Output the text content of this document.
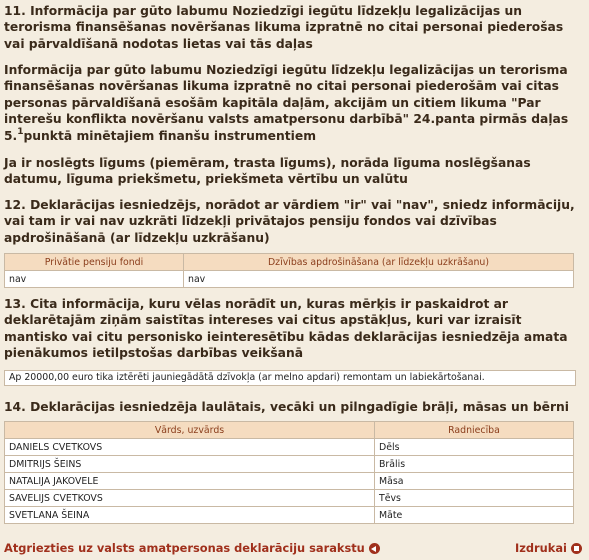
11. Informācija par gūto labumu Noziedzīgi iegūtu līdzekļu legalizācijas un terorisma finansēšanas novēršanas likuma izpratnē no citai personai piederošas vai pārvaldīšanā nodotas lietas vai tās daļas
Informācija par gūto labumu Noziedzīgi iegūtu līdzekļu legalizācijas un terorisma finansēšanas novēršanas likuma izpratnē no citai personai piederošām vai citas personas pārvaldīšanā esošām kapitāla daļām, akcijām un citiem likuma "Par interešu konflikta novēršanu valsts amatpersonu darbībā" 24.panta pirmās daļas 5.$^1$punktā minētajiem finanšu instrumentiem
Ja ir noslēgts līgums (piemēram, trasta līgums), norāda līguma noslēgšanas datumu, līguma priekšmetu, priekšmeta vērtību un valūtu
12. Deklarācijas iesniedzējs, norādot ar vārdiem "ir" vai "nav", sniedz informāciju, vai tam ir vai nav uzkrāti līdzekļi privātajos pensiju fondos vai dzīvības apdrošināšanā (ar līdzekļu uzkrāšanu)
Privātie pensiju fondi	Dzīvības apdrošināšana (ar līdzekļu uzkrāšanu)
nav	nav
13. Cita informācija, kuru vēlas norādīt un, kuras mērķis ir paskaidrot ar deklarētajām ziņām saistītas intereses vai citus apstākļus, kuri var izraisīt mantisko vai citu personisko ieinteresētību kādas deklarācijas iesniedzēja amata pienākumos ietilpstošas darbības veikšanā
Ap 20000,00 euro tika iztērēti jauniegādātā dzīvokļa (ar melno apdari) remontam un labiekārtošanai.
14. Deklarācijas iesniedzēja laulātais, vecāki un pilngadīgie brāļi, māsas un bērni
Vārds, uzvārds	Radniecība
DANIELS CVETKOVS	Dēls
DMITRIJS ŠEINS	Brālis
NATALIJA JAKOVELE	Māsa
SAVELIJS CVETKOVS	Tēvs
SVETLANA ŠEINA	Māte
Atgriezties uz valsts amatpersonas deklarāciju sarakstu	Izdrukai
